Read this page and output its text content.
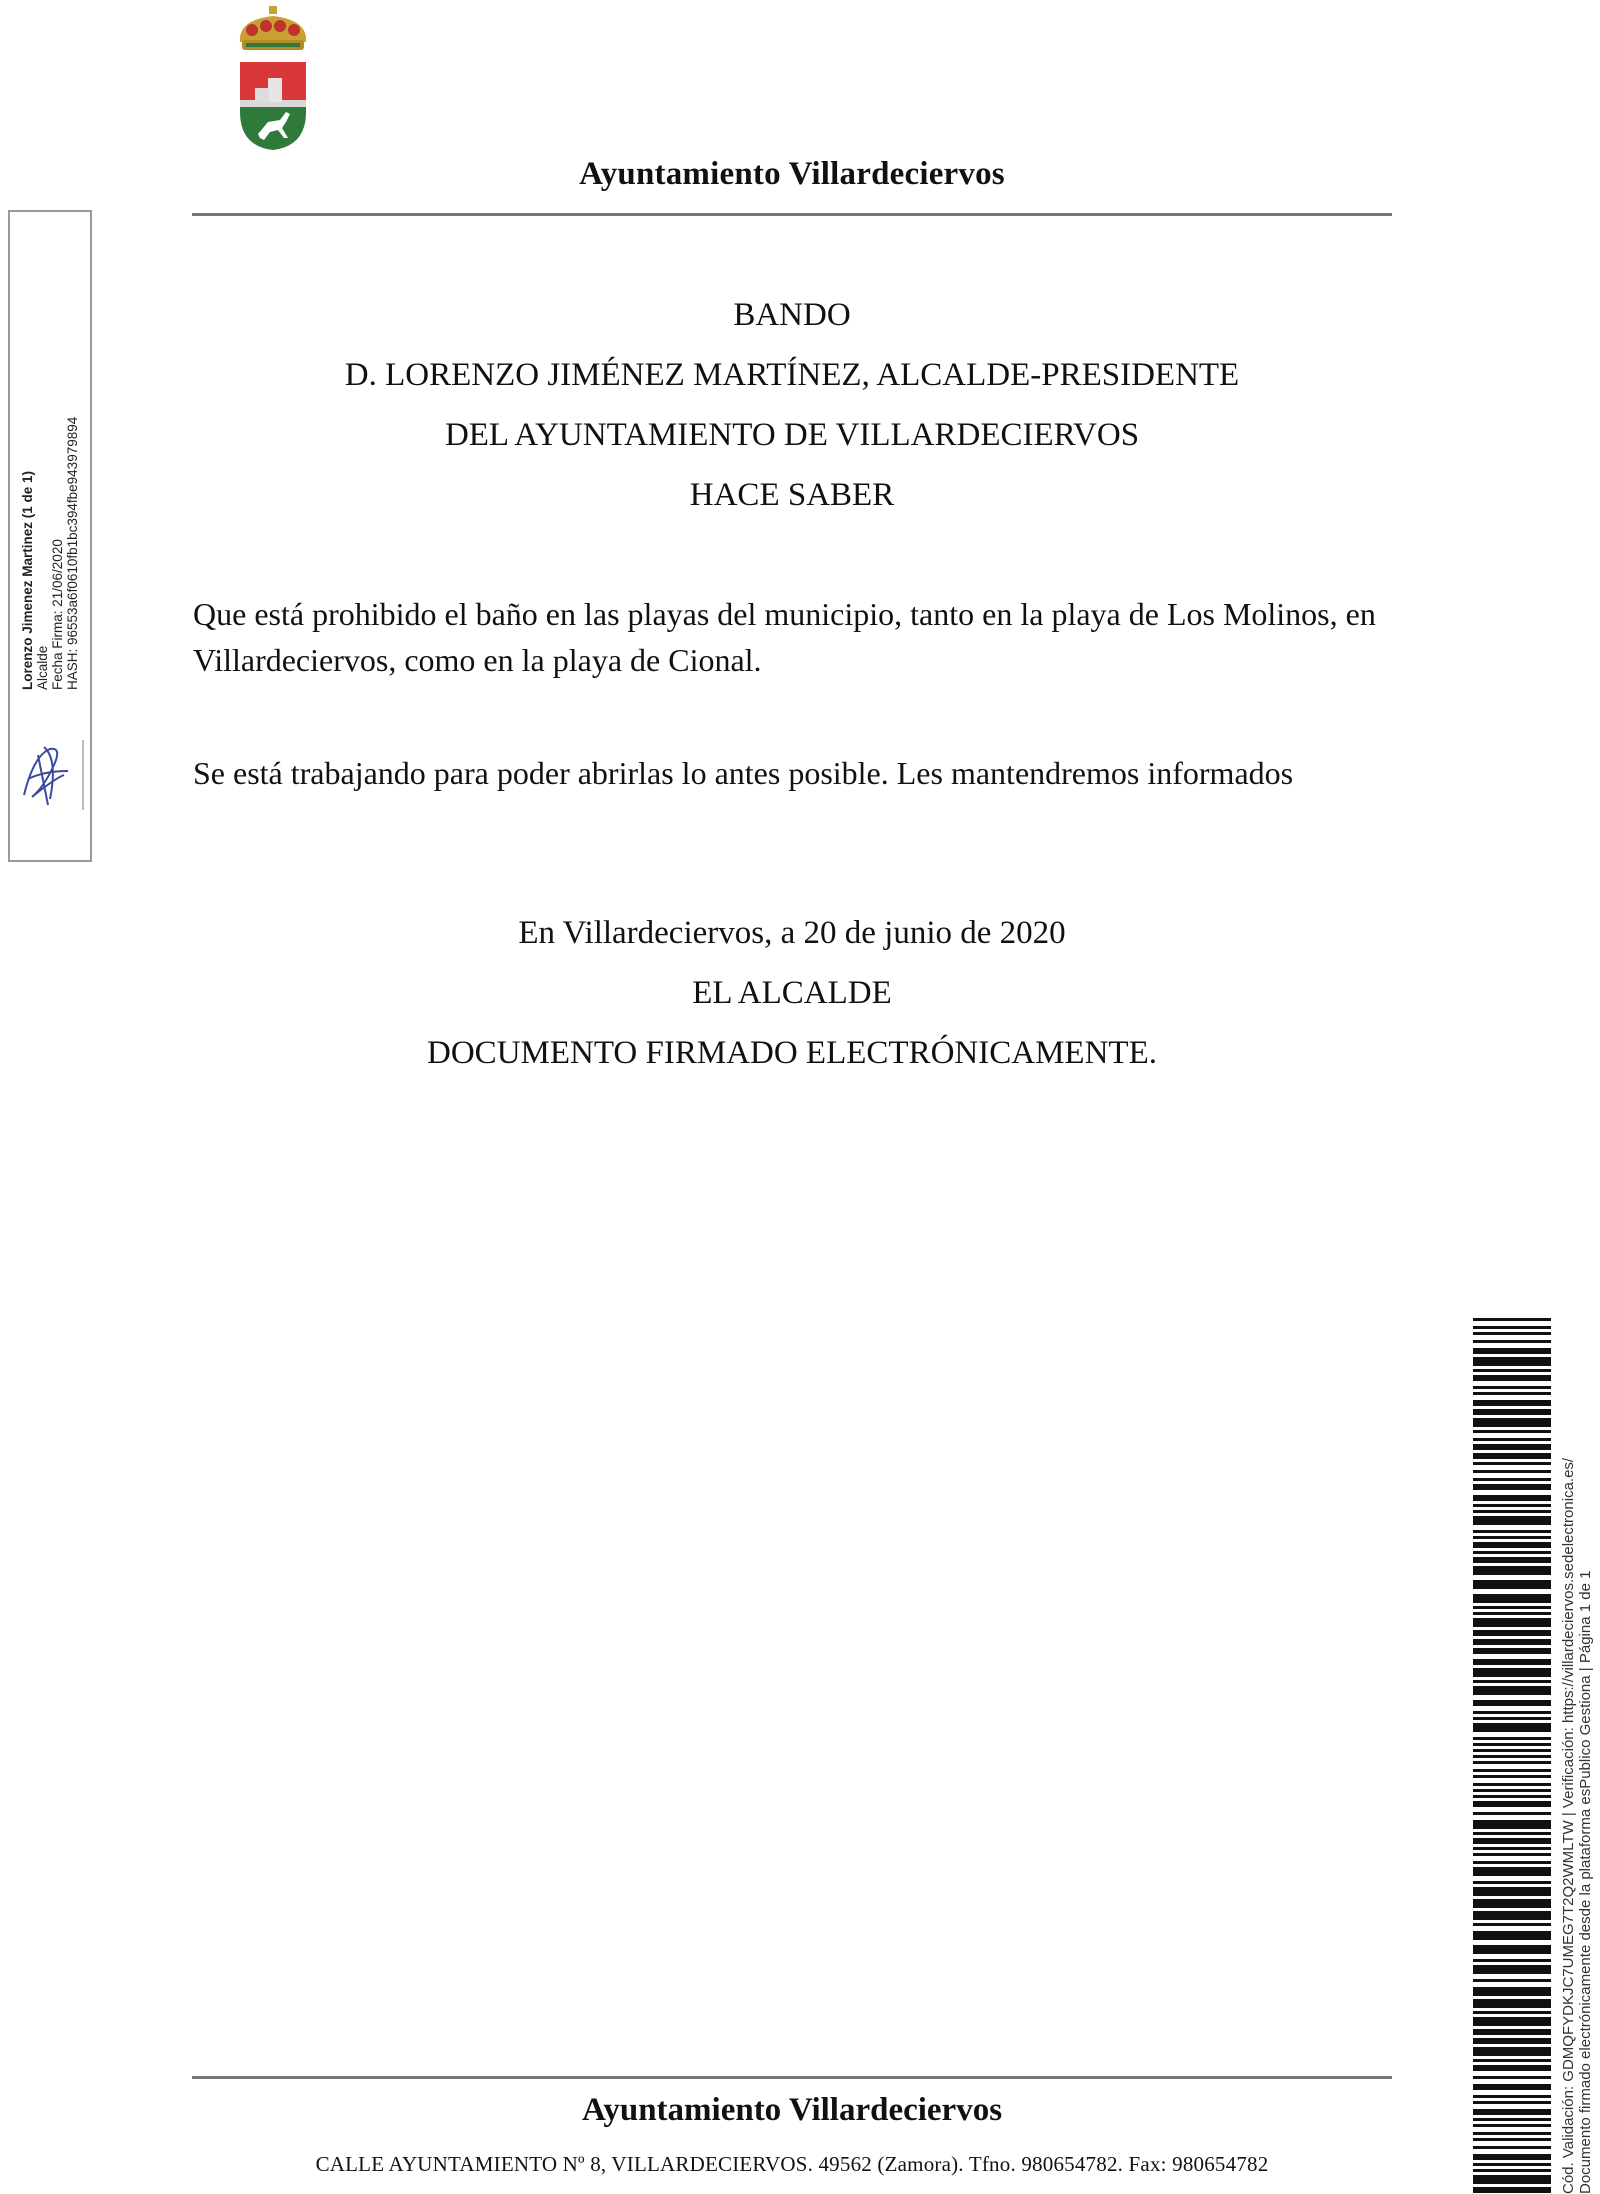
Ayuntamiento Villardeciervos
BANDO
D. LORENZO JIMÉNEZ MARTÍNEZ, ALCALDE-PRESIDENTE
DEL AYUNTAMIENTO DE VILLARDECIERVOS
HACE SABER
Que está prohibido el baño en las playas del municipio, tanto en la playa de Los Molinos, en Villardeciervos, como en la playa de Cional.
Se está trabajando para poder abrirlas lo antes posible. Les mantendremos informados
En Villardeciervos, a 20 de junio de 2020
EL ALCALDE
DOCUMENTO FIRMADO ELECTRÓNICAMENTE.
Lorenzo Jimenez Martinez (1 de 1) Alcalde Fecha Firma: 21/06/2020 HASH: 96553a6f0610fb1bc394fbe943979894
Cód. Validación: GDMQFYDKJC7UMEG7T2Q2WMLTW | Verificación: https://villardeciervos.sedelectronica.es/ Documento firmado electrónicamente desde la plataforma esPublico Gestiona | Página 1 de 1
Ayuntamiento Villardeciervos
CALLE AYUNTAMIENTO Nº 8, VILLARDECIERVOS. 49562 (Zamora). Tfno. 980654782. Fax: 980654782
